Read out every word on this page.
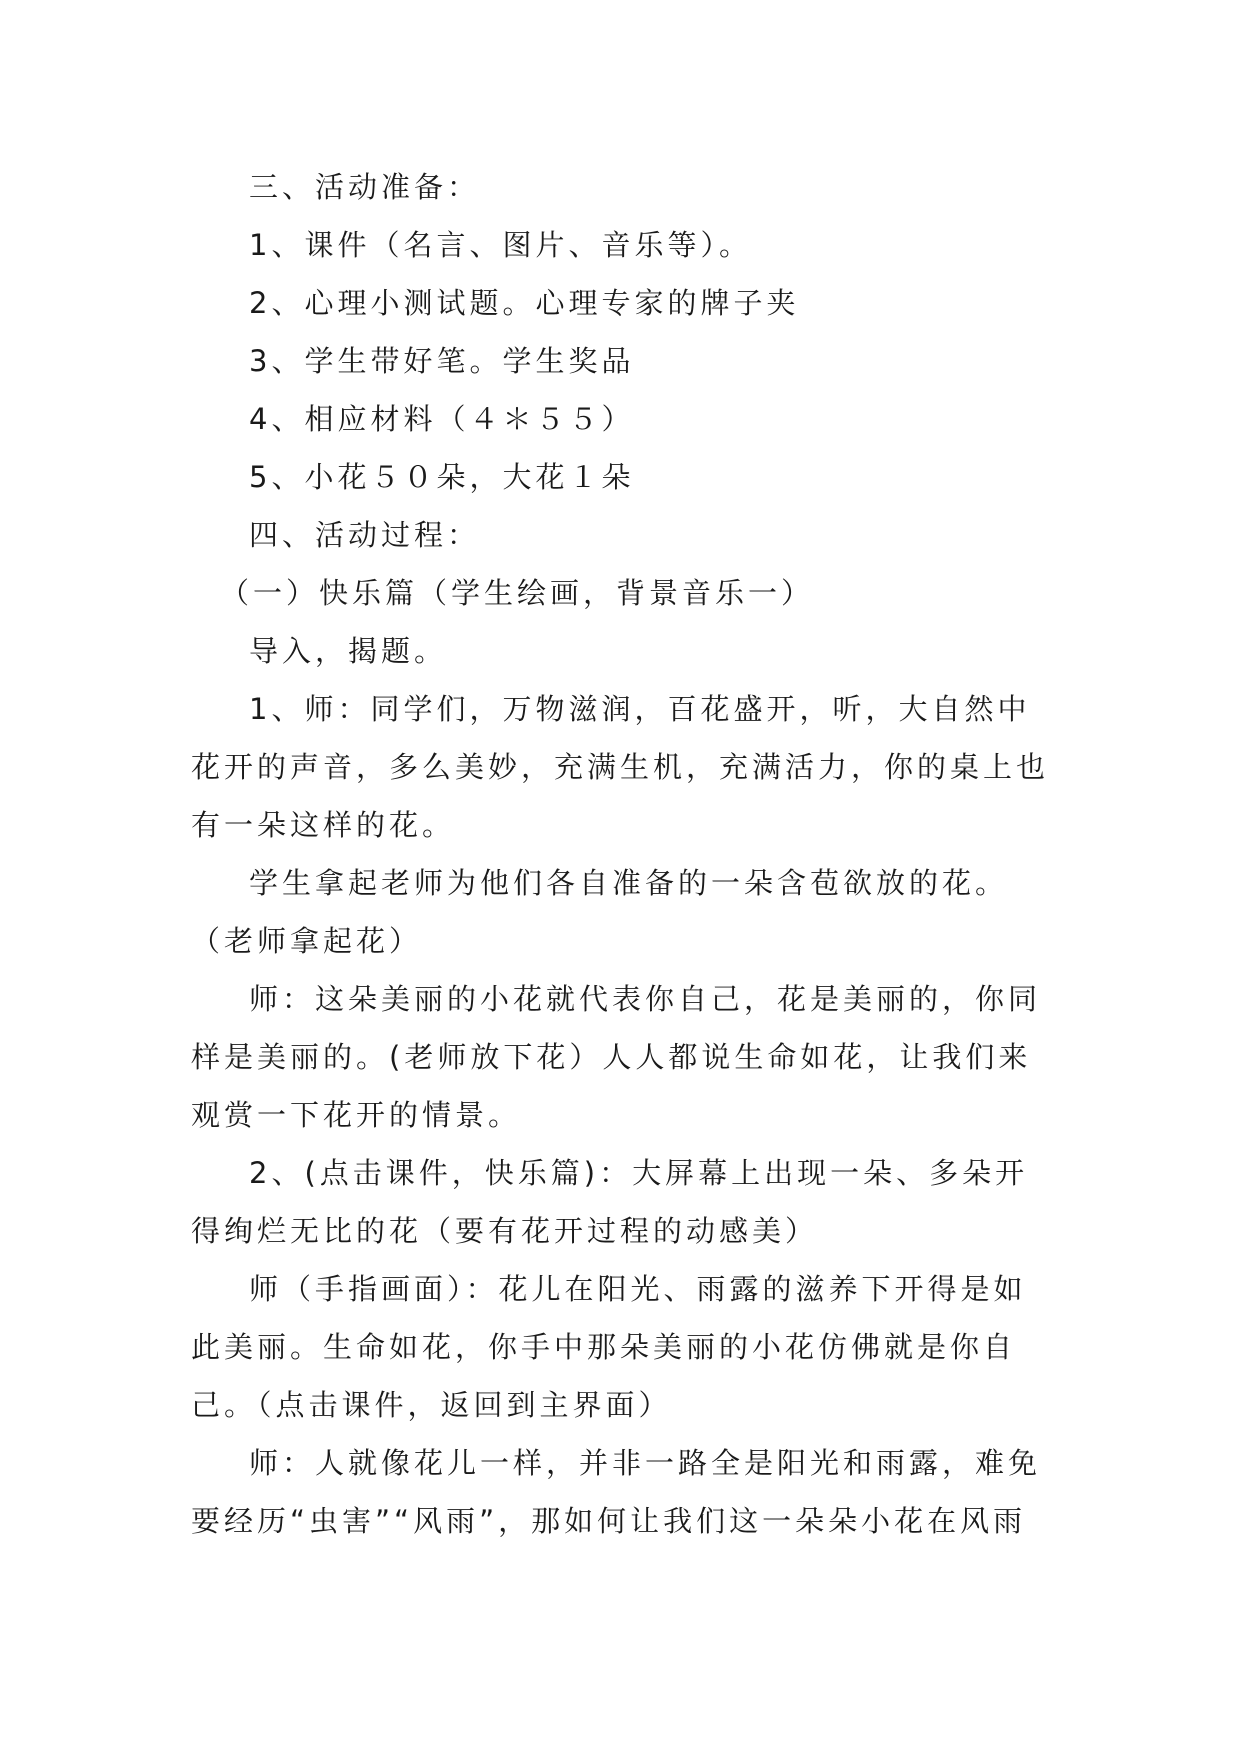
三、活动准备：

1、课件（名言、图片、音乐等）。

2、心理小测试题。心理专家的牌子夹

3、学生带好笔。学生奖品

4、相应材料（４＊５５）

5、小花５０朵，大花１朵

四、活动过程：

（一）快乐篇（学生绘画，背景音乐一）

导入，揭题。

1、师：同学们，万物滋润，百花盛开，听，大自然中花开的声音，多么美妙，充满生机，充满活力，你的桌上也有一朵这样的花。

学生拿起老师为他们各自准备的一朵含苞欲放的花。（老师拿起花）

师：这朵美丽的小花就代表你自己，花是美丽的，你同样是美丽的。(老师放下花）人人都说生命如花，让我们来观赏一下花开的情景。

2、(点击课件，快乐篇)：大屏幕上出现一朵、多朵开得绚烂无比的花（要有花开过程的动感美）

师（手指画面）：花儿在阳光、雨露的滋养下开得是如此美丽。生命如花，你手中那朵美丽的小花仿佛就是你自己。（点击课件，返回到主界面）

师：人就像花儿一样，并非一路全是阳光和雨露，难免要经历“虫害”“风雨”，那如何让我们这一朵朵小花在风雨
